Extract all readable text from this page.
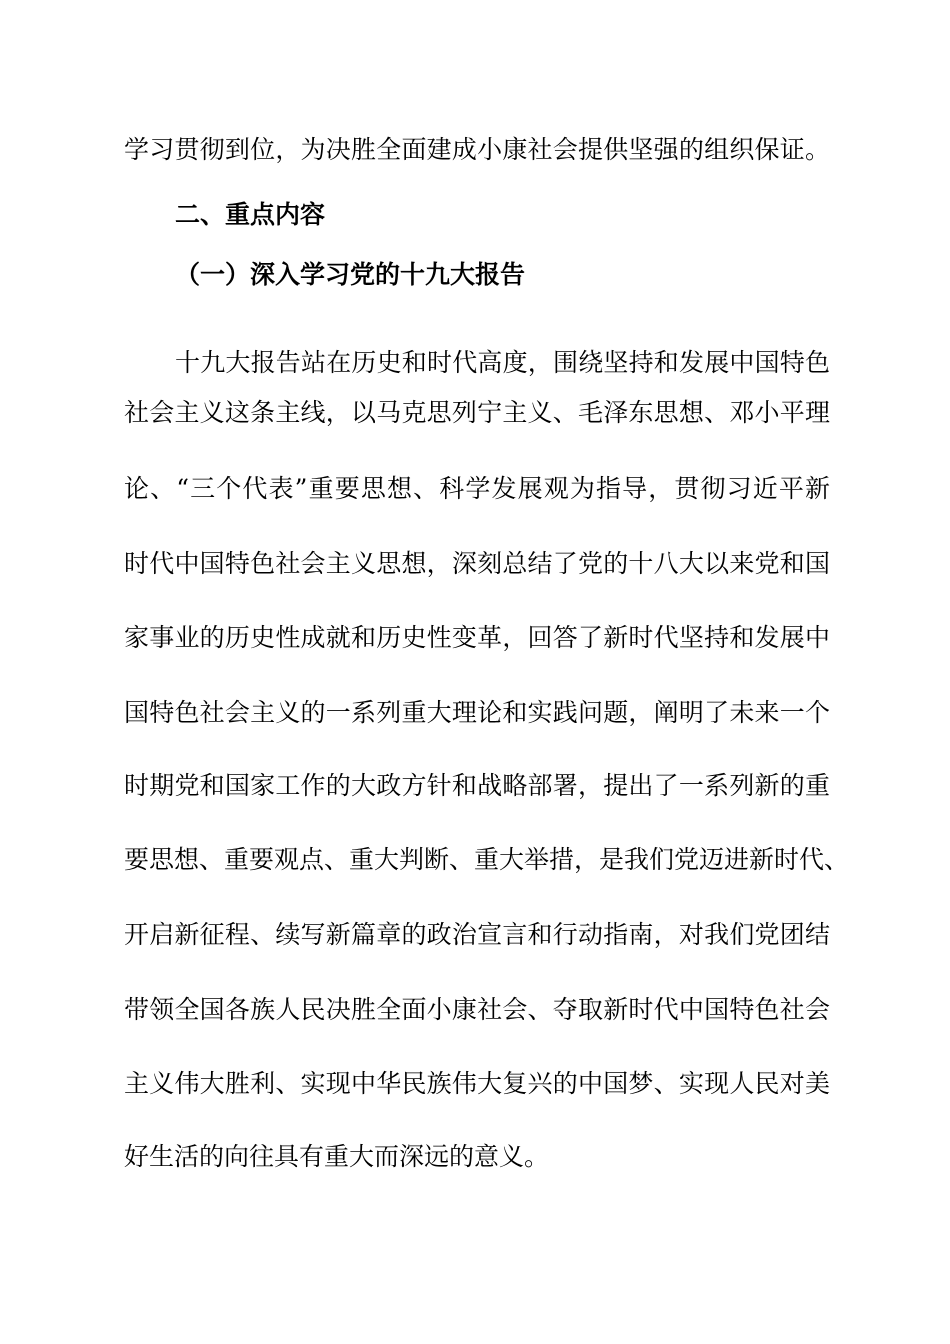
学习贯彻到位，为决胜全面建成小康社会提供坚强的组织保证。
二、重点内容
（一）深入学习党的十九大报告
十九大报告站在历史和时代高度，围绕坚持和发展中国特色
社会主义这条主线，以马克思列宁主义、毛泽东思想、邓小平理
论、“三个代表”重要思想、科学发展观为指导，贯彻习近平新
时代中国特色社会主义思想，深刻总结了党的十八大以来党和国
家事业的历史性成就和历史性变革，回答了新时代坚持和发展中
国特色社会主义的一系列重大理论和实践问题，阐明了未来一个
时期党和国家工作的大政方针和战略部署，提出了一系列新的重
要思想、重要观点、重大判断、重大举措，是我们党迈进新时代、
开启新征程、续写新篇章的政治宣言和行动指南，对我们党团结
带领全国各族人民决胜全面小康社会、夺取新时代中国特色社会
主义伟大胜利、实现中华民族伟大复兴的中国梦、实现人民对美
好生活的向往具有重大而深远的意义。
